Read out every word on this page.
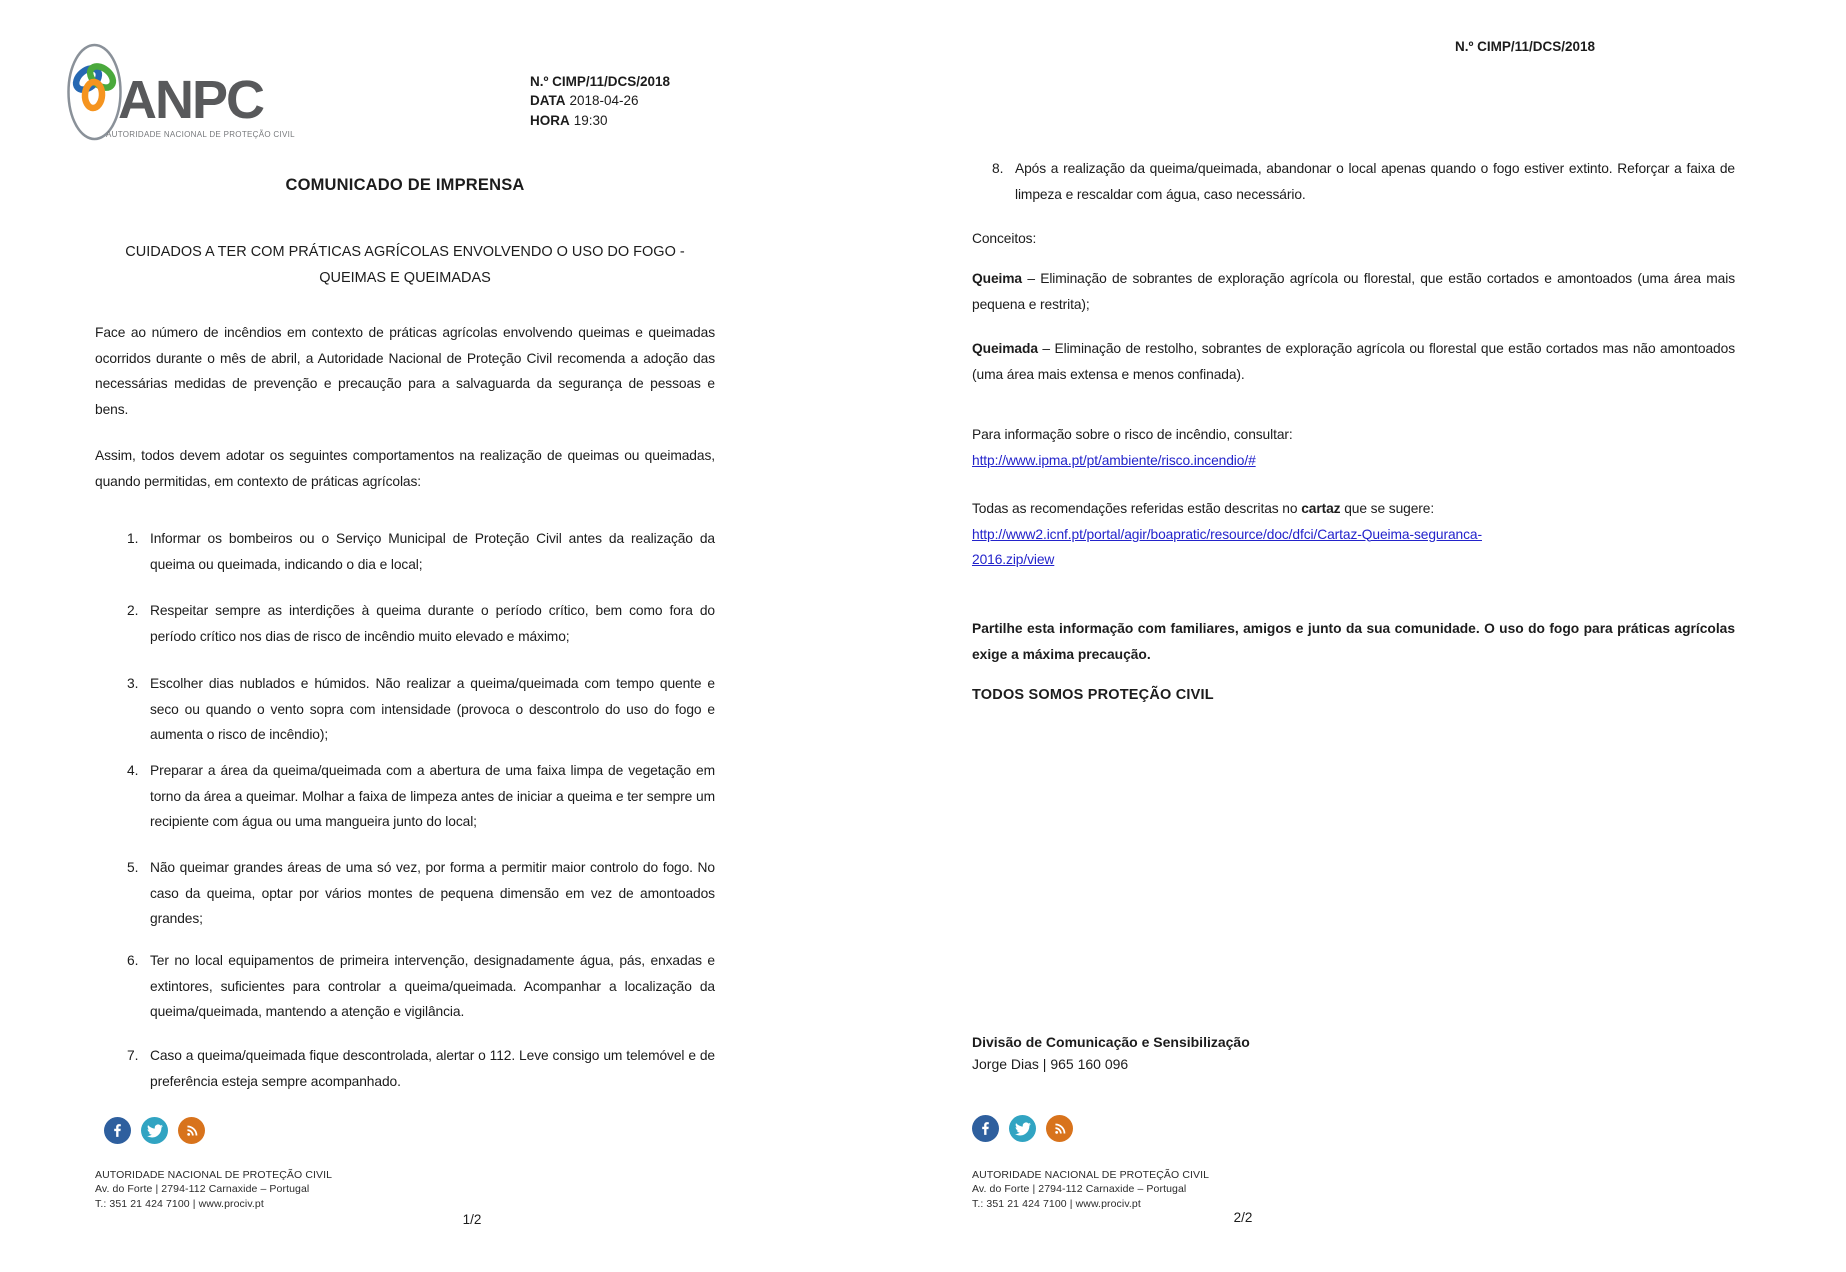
ANPC
AUTORIDADE NACIONAL DE PROTEÇÃO CIVIL
N.º CIMP/11/DCS/2018
DATA 2018-04-26
HORA 19:30
COMUNICADO DE IMPRENSA
CUIDADOS A TER COM PRÁTICAS AGRÍCOLAS ENVOLVENDO O USO DO FOGO - QUEIMAS E QUEIMADAS
Face ao número de incêndios em contexto de práticas agrícolas envolvendo queimas e queimadas ocorridos durante o mês de abril, a Autoridade Nacional de Proteção Civil recomenda a adoção das necessárias medidas de prevenção e precaução para a salvaguarda da segurança de pessoas e bens.
Assim, todos devem adotar os seguintes comportamentos na realização de queimas ou queimadas, quando permitidas, em contexto de práticas agrícolas:
1. Informar os bombeiros ou o Serviço Municipal de Proteção Civil antes da realização da queima ou queimada, indicando o dia e local;
2. Respeitar sempre as interdições à queima durante o período crítico, bem como fora do período crítico nos dias de risco de incêndio muito elevado e máximo;
3. Escolher dias nublados e húmidos. Não realizar a queima/queimada com tempo quente e seco ou quando o vento sopra com intensidade (provoca o descontrolo do uso do fogo e aumenta o risco de incêndio);
4. Preparar a área da queima/queimada com a abertura de uma faixa limpa de vegetação em torno da área a queimar. Molhar a faixa de limpeza antes de iniciar a queima e ter sempre um recipiente com água ou uma mangueira junto do local;
5. Não queimar grandes áreas de uma só vez, por forma a permitir maior controlo do fogo. No caso da queima, optar por vários montes de pequena dimensão em vez de amontoados grandes;
6. Ter no local equipamentos de primeira intervenção, designadamente água, pás, enxadas e extintores, suficientes para controlar a queima/queimada. Acompanhar a localização da queima/queimada, mantendo a atenção e vigilância.
7. Caso a queima/queimada fique descontrolada, alertar o 112. Leve consigo um telemóvel e de preferência esteja sempre acompanhado.
AUTORIDADE NACIONAL DE PROTEÇÃO CIVIL
Av. do Forte | 2794-112 Carnaxide – Portugal
T.: 351 21 424 7100 | www.prociv.pt
1/2
N.º CIMP/11/DCS/2018
8. Após a realização da queima/queimada, abandonar o local apenas quando o fogo estiver extinto. Reforçar a faixa de limpeza e rescaldar com água, caso necessário.
Conceitos:
Queima – Eliminação de sobrantes de exploração agrícola ou florestal, que estão cortados e amontoados (uma área mais pequena e restrita);
Queimada – Eliminação de restolho, sobrantes de exploração agrícola ou florestal que estão cortados mas não amontoados (uma área mais extensa e menos confinada).
Para informação sobre o risco de incêndio, consultar:
http://www.ipma.pt/pt/ambiente/risco.incendio/#
Todas as recomendações referidas estão descritas no cartaz que se sugere:
http://www2.icnf.pt/portal/agir/boapratic/resource/doc/dfci/Cartaz-Queima-seguranca-
2016.zip/view
Partilhe esta informação com familiares, amigos e junto da sua comunidade. O uso do fogo para práticas agrícolas exige a máxima precaução.
TODOS SOMOS PROTEÇÃO CIVIL
Divisão de Comunicação e Sensibilização
Jorge Dias | 965 160 096
AUTORIDADE NACIONAL DE PROTEÇÃO CIVIL
Av. do Forte | 2794-112 Carnaxide – Portugal
T.: 351 21 424 7100 | www.prociv.pt
2/2
